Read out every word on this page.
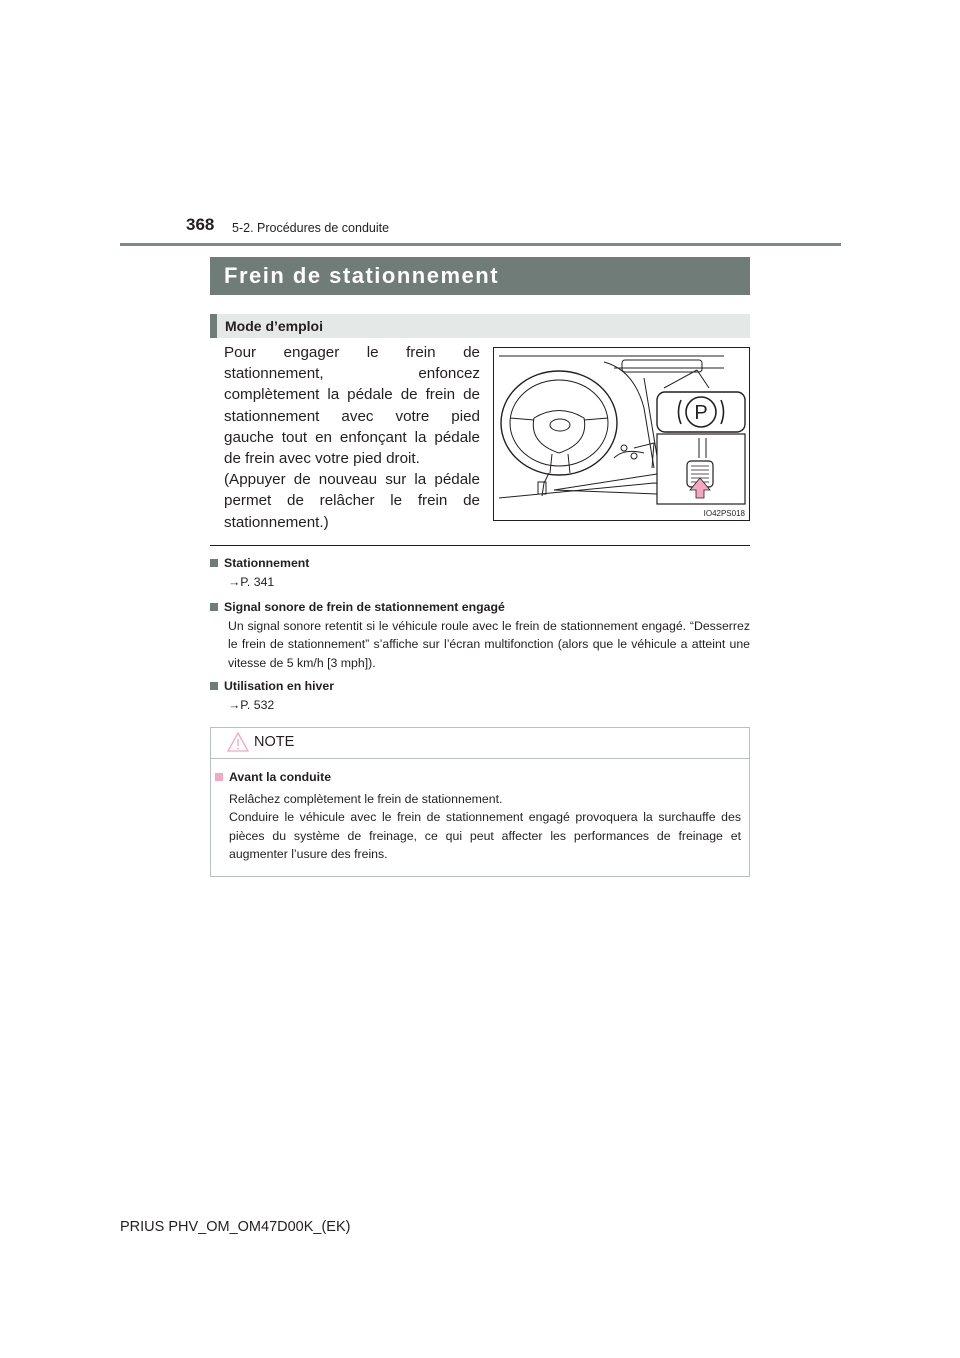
368 5-2. Procédures de conduite
Frein de stationnement
Mode d’emploi

Pour engager le frein de stationnement, enfoncez complètement la pédale de frein de stationnement avec votre pied gauche tout en enfonçant la pédale de frein avec votre pied droit.

(Appuyer de nouveau sur la pédale permet de relâcher le frein de stationnement.)

P
IO42PS018
Stationnement
→P. 341
Signal sonore de frein de stationnement engagé
Un signal sonore retentit si le véhicule roule avec le frein de stationnement engagé. “Desserrez le frein de stationnement” s’affiche sur l’écran multifonction (alors que le véhicule a atteint une vitesse de 5 km/h [3 mph]).
Utilisation en hiver
→P. 532
NOTE
Avant la conduite
Relâchez complètement le frein de stationnement.
Conduire le véhicule avec le frein de stationnement engagé provoquera la surchauffe des pièces du système de freinage, ce qui peut affecter les performances de freinage et augmenter l’usure des freins.
PRIUS PHV_OM_OM47D00K_(EK)
